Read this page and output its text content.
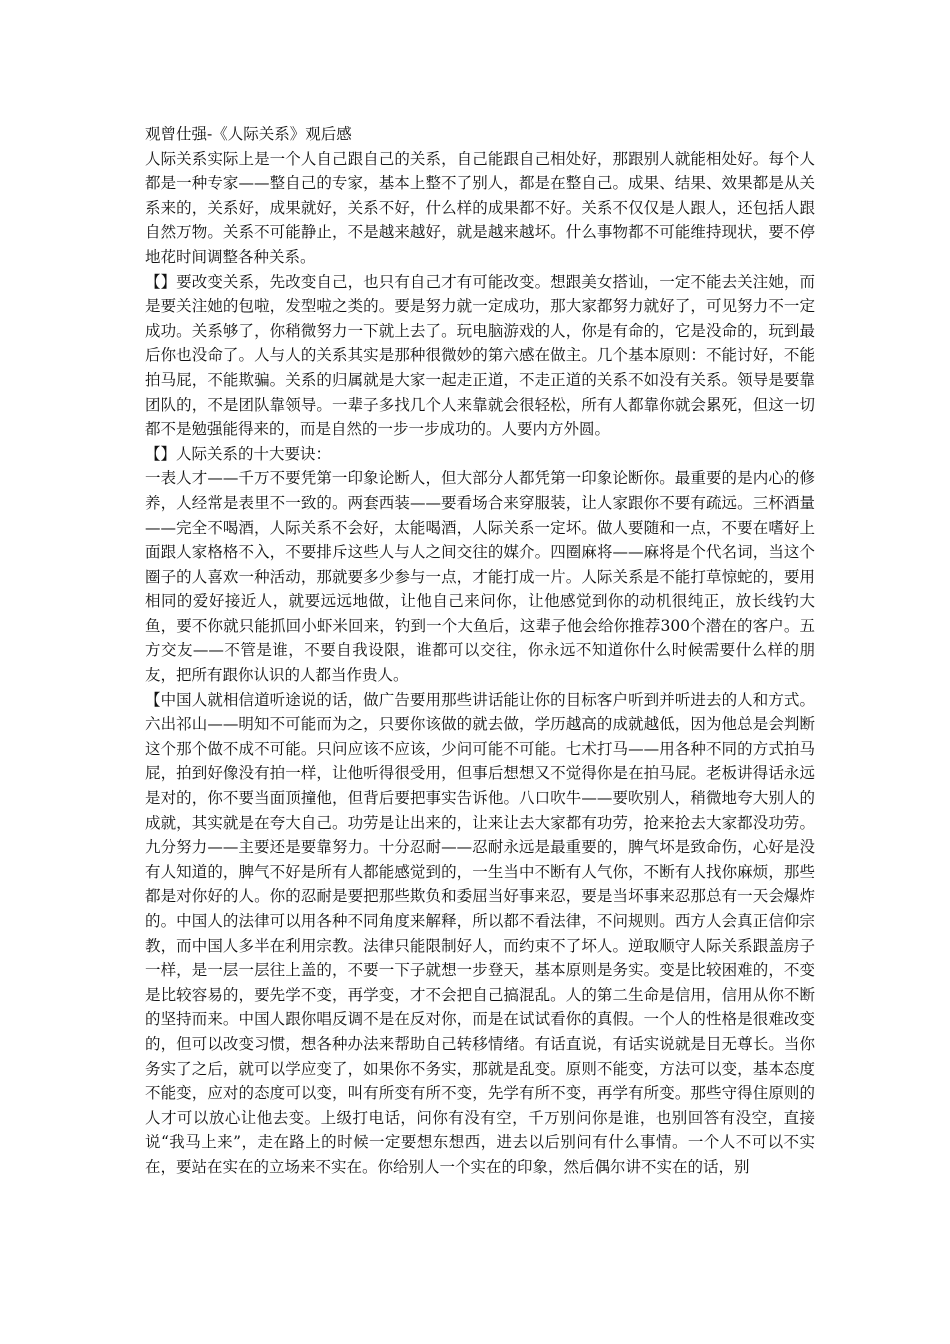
观曾仕强-《人际关系》观后感

人际关系实际上是一个人自己跟自己的关系，自己能跟自己相处好，那跟别人就能相处好。每个人都是一种专家——整自己的专家，基本上整不了别人，都是在整自己。成果、结果、效果都是从关系来的，关系好，成果就好，关系不好，什么样的成果都不好。关系不仅仅是人跟人，还包括人跟自然万物。关系不可能静止，不是越来越好，就是越来越坏。什么事物都不可能维持现状，要不停地花时间调整各种关系。

【】要改变关系，先改变自己，也只有自己才有可能改变。想跟美女搭讪，一定不能去关注她，而是要关注她的包啦，发型啦之类的。要是努力就一定成功，那大家都努力就好了，可见努力不一定成功。关系够了，你稍微努力一下就上去了。玩电脑游戏的人，你是有命的，它是没命的，玩到最后你也没命了。人与人的关系其实是那种很微妙的第六感在做主。几个基本原则：不能讨好，不能拍马屁，不能欺骗。关系的归属就是大家一起走正道，不走正道的关系不如没有关系。领导是要靠团队的，不是团队靠领导。一辈子多找几个人来靠就会很轻松，所有人都靠你就会累死，但这一切都不是勉强能得来的，而是自然的一步一步成功的。人要内方外圆。

【】人际关系的十大要诀：

一表人才——千万不要凭第一印象论断人，但大部分人都凭第一印象论断你。最重要的是内心的修养，人经常是表里不一致的。两套西装——要看场合来穿服装，让人家跟你不要有疏远。三杯酒量——完全不喝酒，人际关系不会好，太能喝酒，人际关系一定坏。做人要随和一点，不要在嗜好上面跟人家格格不入，不要排斥这些人与人之间交往的媒介。四圈麻将——麻将是个代名词，当这个圈子的人喜欢一种活动，那就要多少参与一点，才能打成一片。人际关系是不能打草惊蛇的，要用相同的爱好接近人，就要远远地做，让他自己来问你，让他感觉到你的动机很纯正，放长线钓大鱼，要不你就只能抓回小虾米回来，钓到一个大鱼后，这辈子他会给你推荐300个潜在的客户。五方交友——不管是谁，不要自我设限，谁都可以交往，你永远不知道你什么时候需要什么样的朋友，把所有跟你认识的人都当作贵人。

【中国人就相信道听途说的话，做广告要用那些讲话能让你的目标客户听到并听进去的人和方式。六出祁山——明知不可能而为之，只要你该做的就去做，学历越高的成就越低，因为他总是会判断这个那个做不成不可能。只问应该不应该，少问可能不可能。七术打马——用各种不同的方式拍马屁，拍到好像没有拍一样，让他听得很受用，但事后想想又不觉得你是在拍马屁。老板讲得话永远是对的，你不要当面顶撞他，但背后要把事实告诉他。八口吹牛——要吹别人，稍微地夸大别人的成就，其实就是在夸大自己。功劳是让出来的，让来让去大家都有功劳，抢来抢去大家都没功劳。九分努力——主要还是要靠努力。十分忍耐——忍耐永远是最重要的，脾气坏是致命伤，心好是没有人知道的，脾气不好是所有人都能感觉到的，一生当中不断有人气你，不断有人找你麻烦，那些都是对你好的人。你的忍耐是要把那些欺负和委屈当好事来忍，要是当坏事来忍那总有一天会爆炸的。中国人的法律可以用各种不同角度来解释，所以都不看法律，不问规则。西方人会真正信仰宗教，而中国人多半在利用宗教。法律只能限制好人，而约束不了坏人。逆取顺守人际关系跟盖房子一样，是一层一层往上盖的，不要一下子就想一步登天，基本原则是务实。变是比较困难的，不变是比较容易的，要先学不变，再学变，才不会把自己搞混乱。人的第二生命是信用，信用从你不断的坚持而来。中国人跟你唱反调不是在反对你，而是在试试看你的真假。一个人的性格是很难改变的，但可以改变习惯，想各种办法来帮助自己转移情绪。有话直说，有话实说就是目无尊长。当你务实了之后，就可以学应变了，如果你不务实，那就是乱变。原则不能变，方法可以变，基本态度不能变，应对的态度可以变，叫有所变有所不变，先学有所不变，再学有所变。那些守得住原则的人才可以放心让他去变。上级打电话，问你有没有空，千万别问你是谁，也别回答有没空，直接说“我马上来”，走在路上的时候一定要想东想西，进去以后别问有什么事情。一个人不可以不实在，要站在实在的立场来不实在。你给别人一个实在的印象，然后偶尔讲不实在的话，别
